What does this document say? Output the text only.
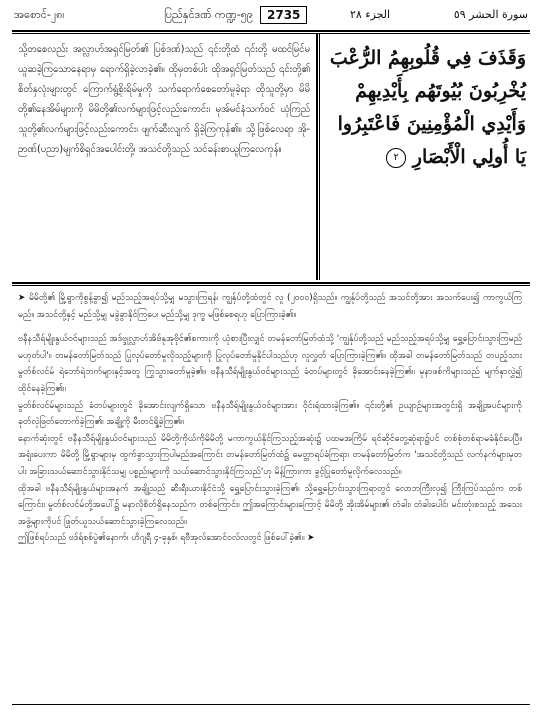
အစောင်-၂၈၊	ပြည်နှင်ဒဏ် ကဏ္ဍ-၅၉	2735	الجزء ٢٨	سورة الحشر ٥٩

သို့တစေလည်း အလ္လာဟ်အရှင်မြတ်၏ ပြစ်ဒဏ်)သည် ၎င်းတို့ထံ ၎င်းတို့ မထင်မြင်မယူဆခဲ့ကြသောနေရာမှ ရောက်ရှိခဲ့လာခဲ့၏။ ထိုမှတစ်ပါး ထိုအရှင်မြတ်သည် ၎င်းတို့၏ စိတ်နှလုံးများတွင် ကြောက်ရွံ့စိုးရိမ်မှုကို သက်ရောက်စေတော်မူခဲ့ရာ ထိုသူတို့မှာ မိမိတို့၏နေအိမ်များကို မိမိတို့၏လက်များဖြင့်လည်းကောင်း၊ မုအ်မင်နံသက်ဝင် ယုံကြည်သူတို့၏လက်များဖြင့်လည်းကောင်း၊ ဖျက်ဆီးလျက် ရှိခဲ့ကြကုန်၏။ သို့ဖြစ်လေရာ အို-ဉာဏ်(ပညာ)မျက်စိရှင်အပေါင်းတို့၊ အသင်တို့သည် သင်ခန်းစာယူကြလေကုန်။

وَقَذَفَ فِي قُلُوبِهِمُ الرُّعْبَ يُخْرِبُونَ بُيُوتَهُم بِأَيْدِيهِمْ وَأَيْدِي الْمُؤْمِنِينَ فَاعْتَبِرُوا يَا أُولِي الْأَبْصَارِ ٢

➤ မိမိတို့၏ မြို့ရွာကိုစွန့်ခွာ၍ မည်သည့်အရပ်သို့မျှ မသွားကြရန်၊ ကျွန်ုပ်တို့ထံတွင် လူ (၂၀၀၀)ရှိသည်။ ကျွန်ုပ်တို့သည် အသင်တို့အား အသက်ပေး၍ ကာကွယ်ကြမည်။ အသင်တို့နှင့် မည်သို့မျှ မခွဲခွာနိုင်ကြပေ၊ မည်သို့မျှ ဒုက္ခ မဖြစ်စေရဟု ပြောကြားခဲ့၏။

ဗနီနသီရ်မျိုးနွယ်ဝင်များသည် အဒ်ဗ္ဒုလ္လာဟ်အိဗ်နုအုဗိုင်၏စကားကို ယုံစားပြီးလျှင် တမန်တော်မြတ်ထံသို့ 'ကျွန်ုပ်တို့သည် မည်သည့်အရပ်သို့မျှ ရွှေ့ပြောင်းသွားကြမည်မဟုတ်ပါ'။ တမန်တော်မြတ်သည် ပြုလုပ်တော်မူလိုသည့်များကို ပြုလုပ်တော်မူနိုင်ပါသည်ဟု လူလွှတ် ပြောကြားခဲ့ကြ၏။ ထိုအခါ တမန်တော်မြတ်သည် တပည့်သား မွတ်စ်လင်မ် ရဲဘော်ရဲဘက်များနှင့်အတူ ကြွသွားတော်မူခဲ့၏။ ဗနီနသီရ်မျိုးနွယ်ဝင်များသည် ခံတပ်များတွင် ခိုအောင်းနေခဲ့ကြ၏။ မုနာဖစ်ကိများသည် မျက်နှာလွှဲ၍ ထိုင်နေခဲ့ကြ၏။

မွတ်စ်လင်မ်များသည် ခံတပ်များတွင် ခိုအောင်းလျက်ရှိသော ဗနီနသီရ်မျိုးနွယ်ဝင်များအား ဝိုင်းရံထားခဲ့ကြ၏။ ၎င်းတို့၏ ဥယျာဉ်များအတွင်းရှိ အချို့အပင်များကို ခုတ်လှဲဖြတ်တောက်ခဲ့ကြ၏၊ အချို့ကို မီးတင်ရှို့ခဲ့ကြ၏။

နောက်ဆုံးတွင် ဗနီနသီရ်မျိုးနွယ်ဝင်များသည် မိမိတို့ကိုယ်ကိုမိမိတို့ မကာကွယ်နိုင်ကြသည့်အဆုံး၌ ပထမအကြိမ် ရင်ဆိုင်တွေ့ဆုံရာ၌ပင် တစ်စုံတစ်ရာမခံနိုင်ပေပြီ။ အရှုံးပေးကာ မိမိတို့ မြို့ရွာများမှ ထွက်ခွာသွားကြပါမည်အကြောင်း တမန်တော်မြတ်ထံ၌ မေတ္တာရပ်ခံကြရာ၊ တမန်တော်မြတ်က 'အသင်တို့သည် လက်နက်များမှတပါး အခြားသယ်ဆောင်သွားနိုင်သမျှ ပစ္စည်းများကို သယ်ဆောင်သွားနိုင်ကြသည်'ဟု မိန့်ကြားကာ ခွင့်ပြုတော်မူလိုက်လေသည်။

ထိုအခါ ဗနီနသီရ်မျိုးနွယ်များအနက် အချို့သည် ဆီးရီးယားနိုင်ငံသို့ ရွှေ့ပြောင်းသွားခဲ့ကြ၏၊ သို့ရွှေ့ပြောင်းသွားကြရာတွင် လောဘကြီးလှ၍ ကြီးကြပ်သည်က တစ်ကြောင်း၊ မွတ်စ်လင်မ်တို့အပေါ်၌ မနာလိုစိတ်ရှိနေသည်က တစ်ကြောင်း၊ ဤအကြောင်းများကြောင့် မိမိတို့ အိုးအိမ်များ၏ တံခါး၊ တံခါးပေါင်၊ မင်းတုံးစသည့် အသေးအဖွဲ့များကိုပင် ဖြုတ်ယူသယ်ဆောင်သွားခဲ့ကြလေသည်။

ဤဖြစ်ရပ်သည် ဗဒ်ရ်စစ်ပွဲ၏နောက်၊ ဟိဂျရီ ၄-ခုနှစ်၊ ရဗီအုလ်အောင်ဝလ်လတွင် ဖြစ်ပေါ်ခဲ့၏။ ➤
